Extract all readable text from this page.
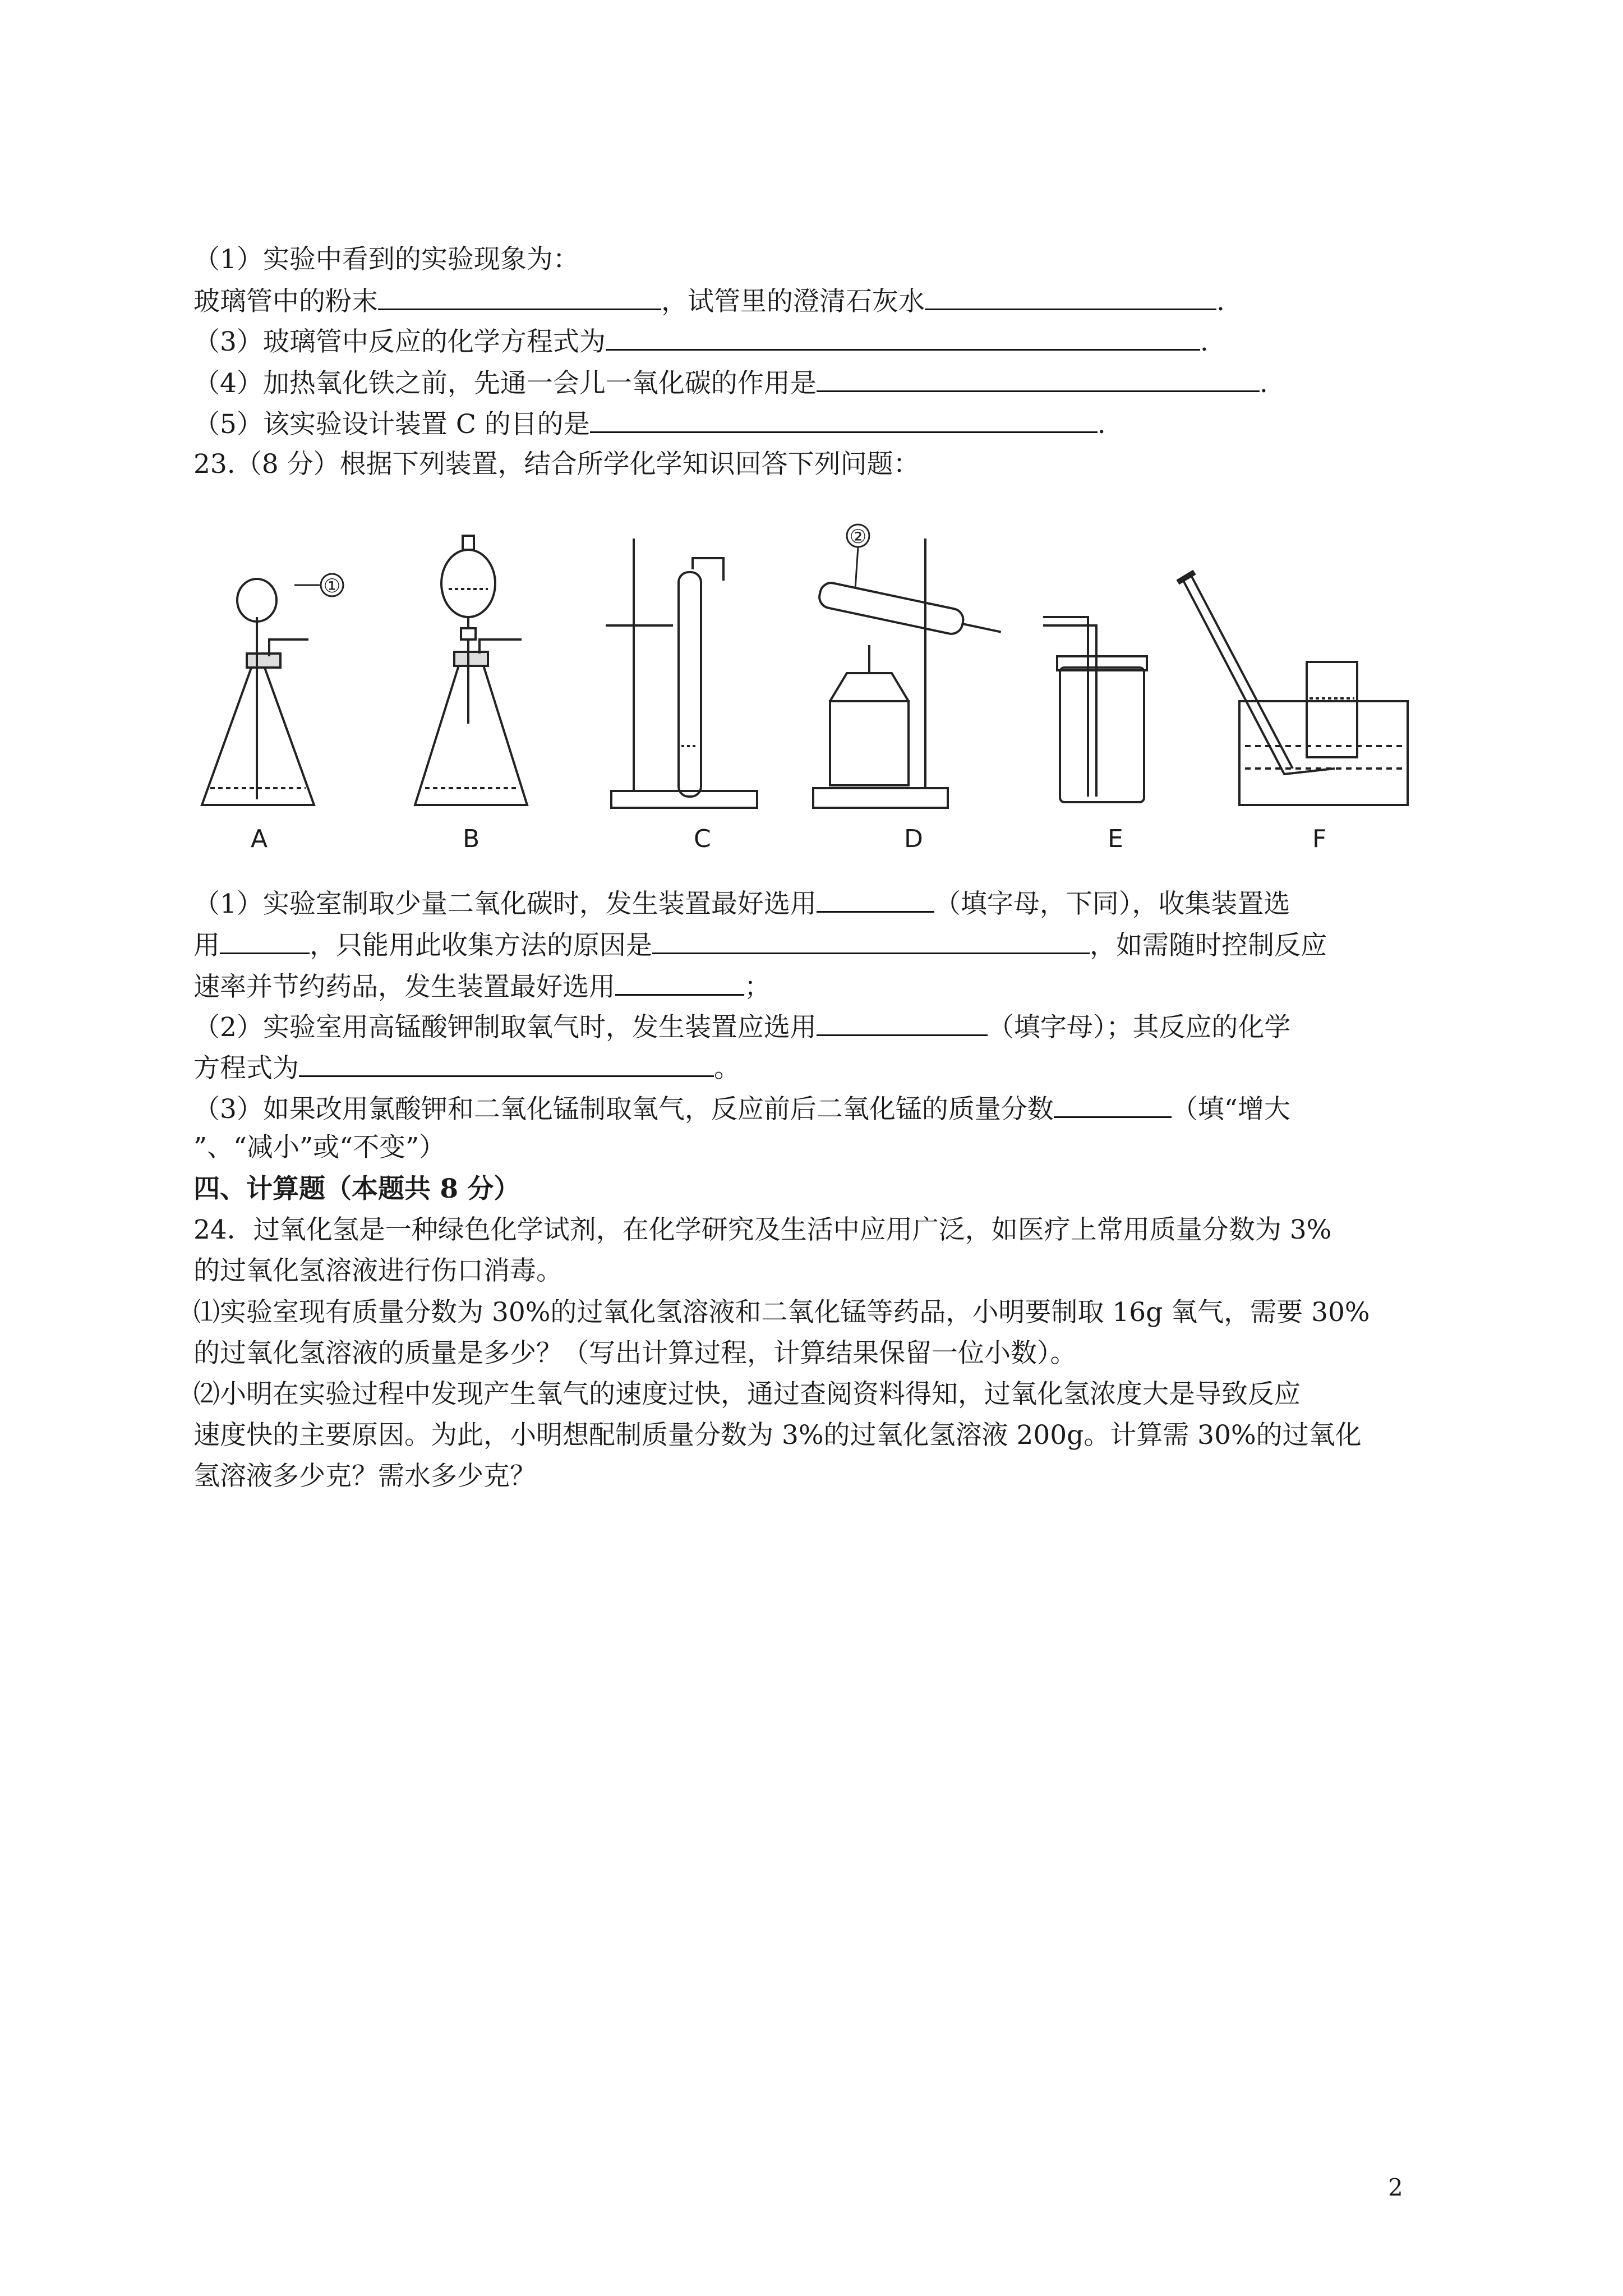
（1）实验中看到的实验现象为：
玻璃管中的粉末	，试管里的澄清石灰水	.
（3）玻璃管中反应的化学方程式为	.
（4）加热氧化铁之前，先通一会儿一氧化碳的作用是	.
（5）该实验设计装置 C 的目的是	.
23.（8 分）根据下列装置，结合所学化学知识回答下列问题：
①
②
A	B	C	D	E	F
（1）实验室制取少量二氧化碳时，发生装置最好选用	（填字母，下同），收集装置选
用	，只能用此收集方法的原因是	，如需随时控制反应
速率并节约药品，发生装置最好选用	；
（2）实验室用高锰酸钾制取氧气时，发生装置应选用	（填字母）；其反应的化学
方程式为	。
（3）如果改用氯酸钾和二氧化锰制取氧气，反应前后二氧化锰的质量分数	（填“增大
”、“减小”或“不变”）
四、计算题（本题共 8 分）
24．过氧化氢是一种绿色化学试剂，在化学研究及生活中应用广泛，如医疗上常用质量分数为 3%
的过氧化氢溶液进行伤口消毒。
⑴实验室现有质量分数为 30%的过氧化氢溶液和二氧化锰等药品，小明要制取 16g 氧气，需要 30%
的过氧化氢溶液的质量是多少？（写出计算过程，计算结果保留一位小数）。
⑵小明在实验过程中发现产生氧气的速度过快，通过查阅资料得知，过氧化氢浓度大是导致反应
速度快的主要原因。为此，小明想配制质量分数为 3%的过氧化氢溶液 200g。计算需 30%的过氧化
氢溶液多少克？需水多少克？
2
